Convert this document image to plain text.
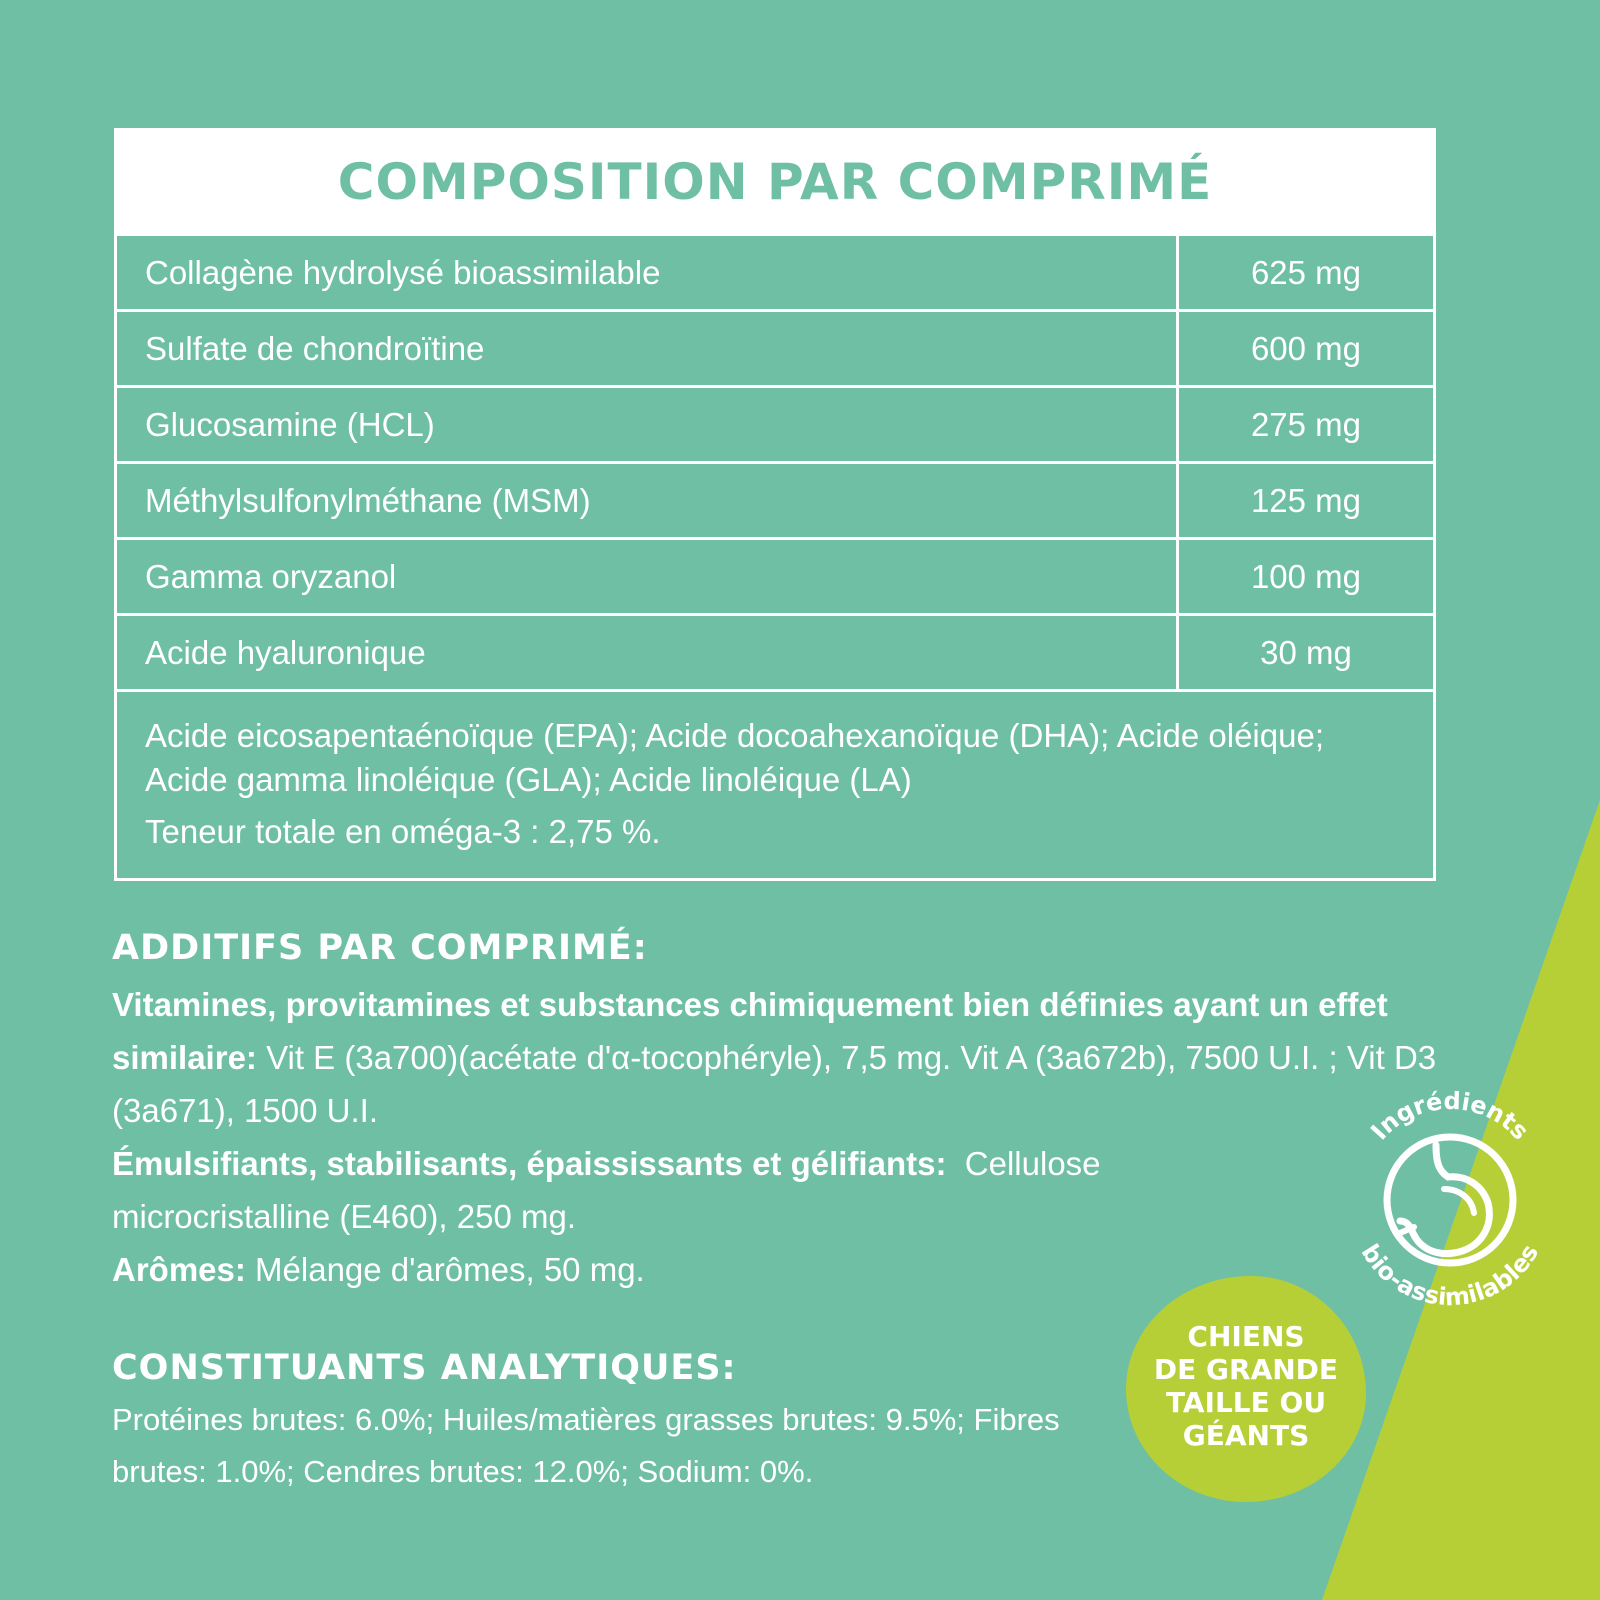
COMPOSITION PAR COMPRIMÉ
Collagène hydrolysé bioassimilable	625 mg
Sulfate de chondroïtine	600 mg
Glucosamine (HCL)	275 mg
Méthylsulfonylméthane (MSM)	125 mg
Gamma oryzanol	100 mg
Acide hyaluronique	30 mg
Acide eicosapentaénoïque (EPA); Acide docoahexanoïque (DHA); Acide oléique; Acide gamma linoléique (GLA); Acide linoléique (LA)
Teneur totale en oméga-3 : 2,75 %.
ADDITIFS PAR COMPRIMÉ:
Vitamines, provitamines et substances chimiquement bien définies ayant un effet similaire: Vit E (3a700)(acétate d'α-tocophéryle), 7,5 mg. Vit A (3a672b), 7500 U.I. ; Vit D3 (3a671), 1500 U.I.
Émulsifiants, stabilisants, épaississants et gélifiants:  Cellulose microcristalline (E460), 250 mg.
Arômes: Mélange d'arômes, 50 mg.
CONSTITUANTS ANALYTIQUES:
Protéines brutes: 6.0%; Huiles/matières grasses brutes: 9.5%; Fibres brutes: 1.0%; Cendres brutes: 12.0%; Sodium: 0%.
CHIENS
DE GRANDE
TAILLE OU
GÉANTS
Ingrédients
bio-assimilables
